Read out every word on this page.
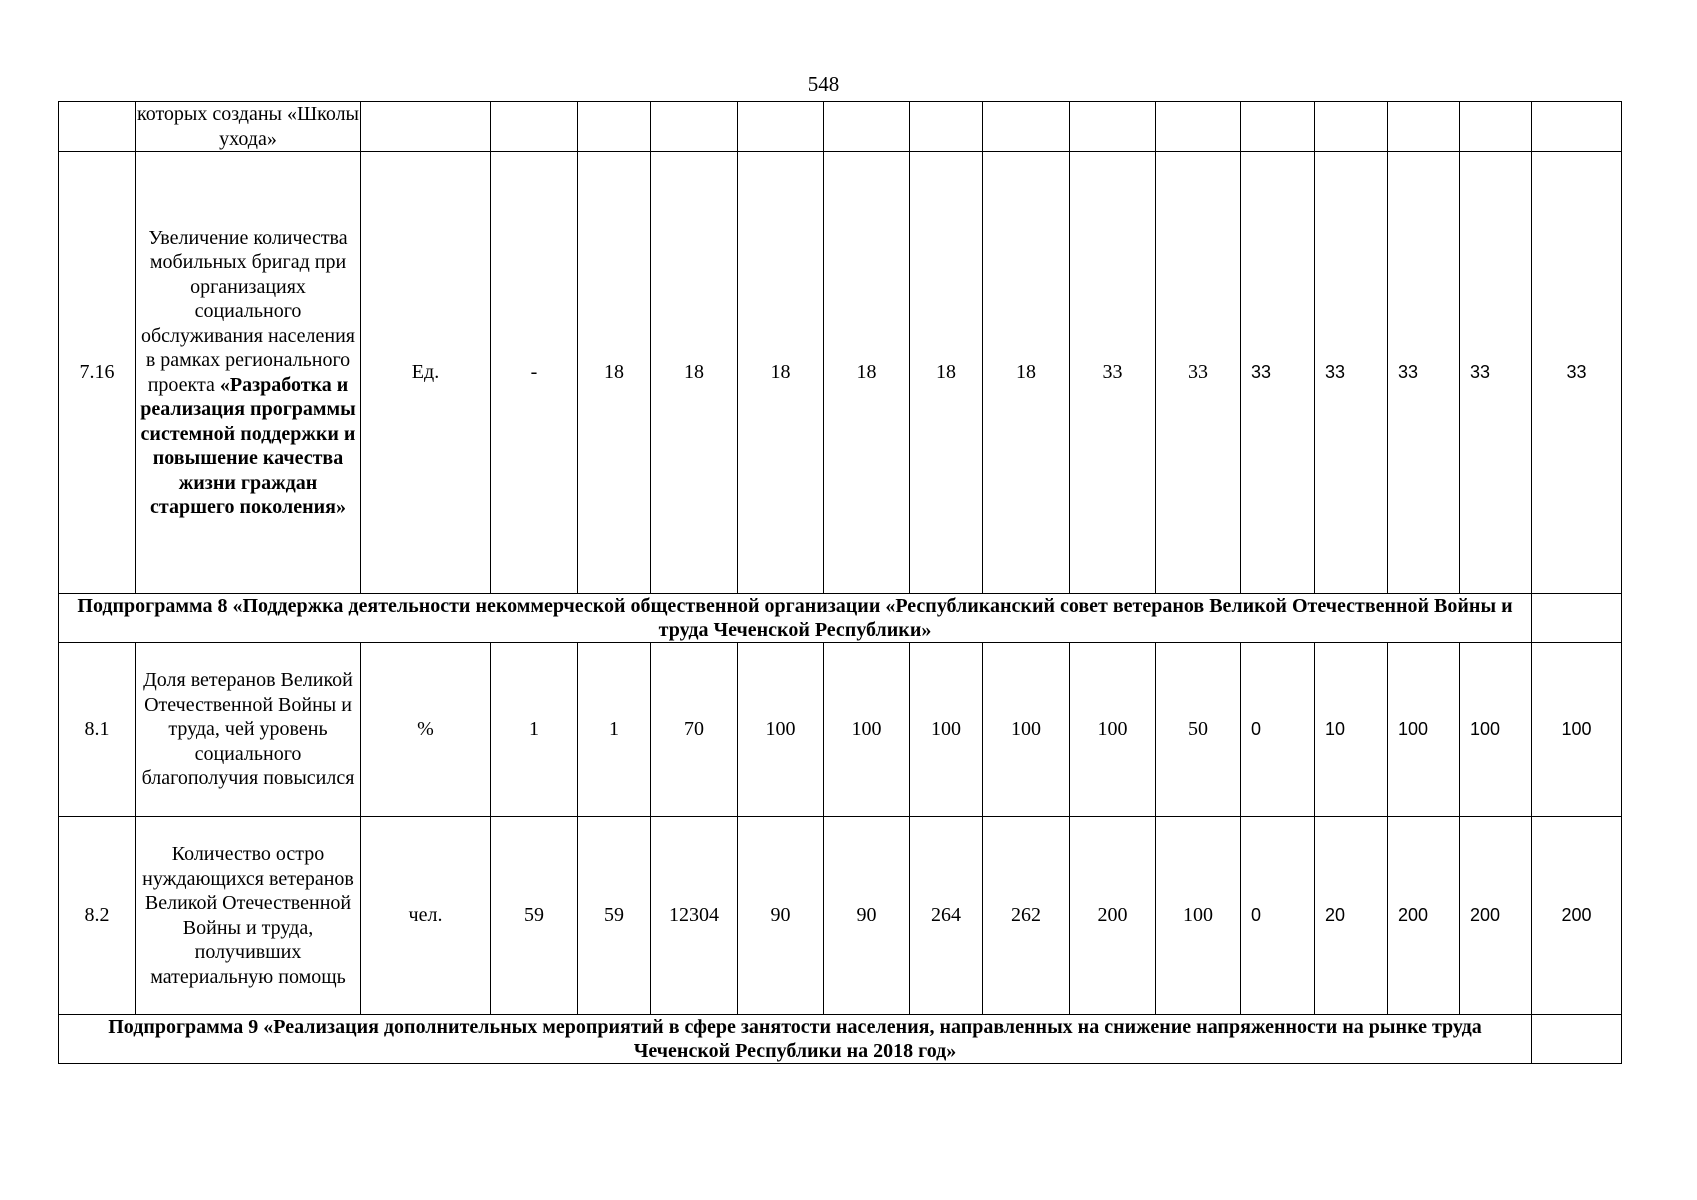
548
	которых созданы «Школы ухода»															
7.16	Увеличение количества мобильных бригад при организациях социального обслуживания населения в рамках регионального проекта «Разработка и реализация программы системной поддержки и повышение качества жизни граждан старшего поколения»	Ед.	-	18	18	18	18	18	18	33	33	33	33	33	33	33
Подпрограмма 8 «Поддержка деятельности некоммерческой общественной организации «Республиканский совет ветеранов Великой Отечественной Войны и труда Чеченской Республики»																
8.1	Доля ветеранов Великой Отечественной Войны и труда, чей уровень социального благополучия повысился	%	1	1	70	100	100	100	100	100	50	0	10	100	100	100
8.2	Количество остро нуждающихся ветеранов Великой Отечественной Войны и труда, получивших материальную помощь	чел.	59	59	12304	90	90	264	262	200	100	0	20	200	200	200
Подпрограмма 9 «Реализация дополнительных мероприятий в сфере занятости населения, направленных на снижение напряженности на рынке труда Чеченской Республики на 2018 год»																
